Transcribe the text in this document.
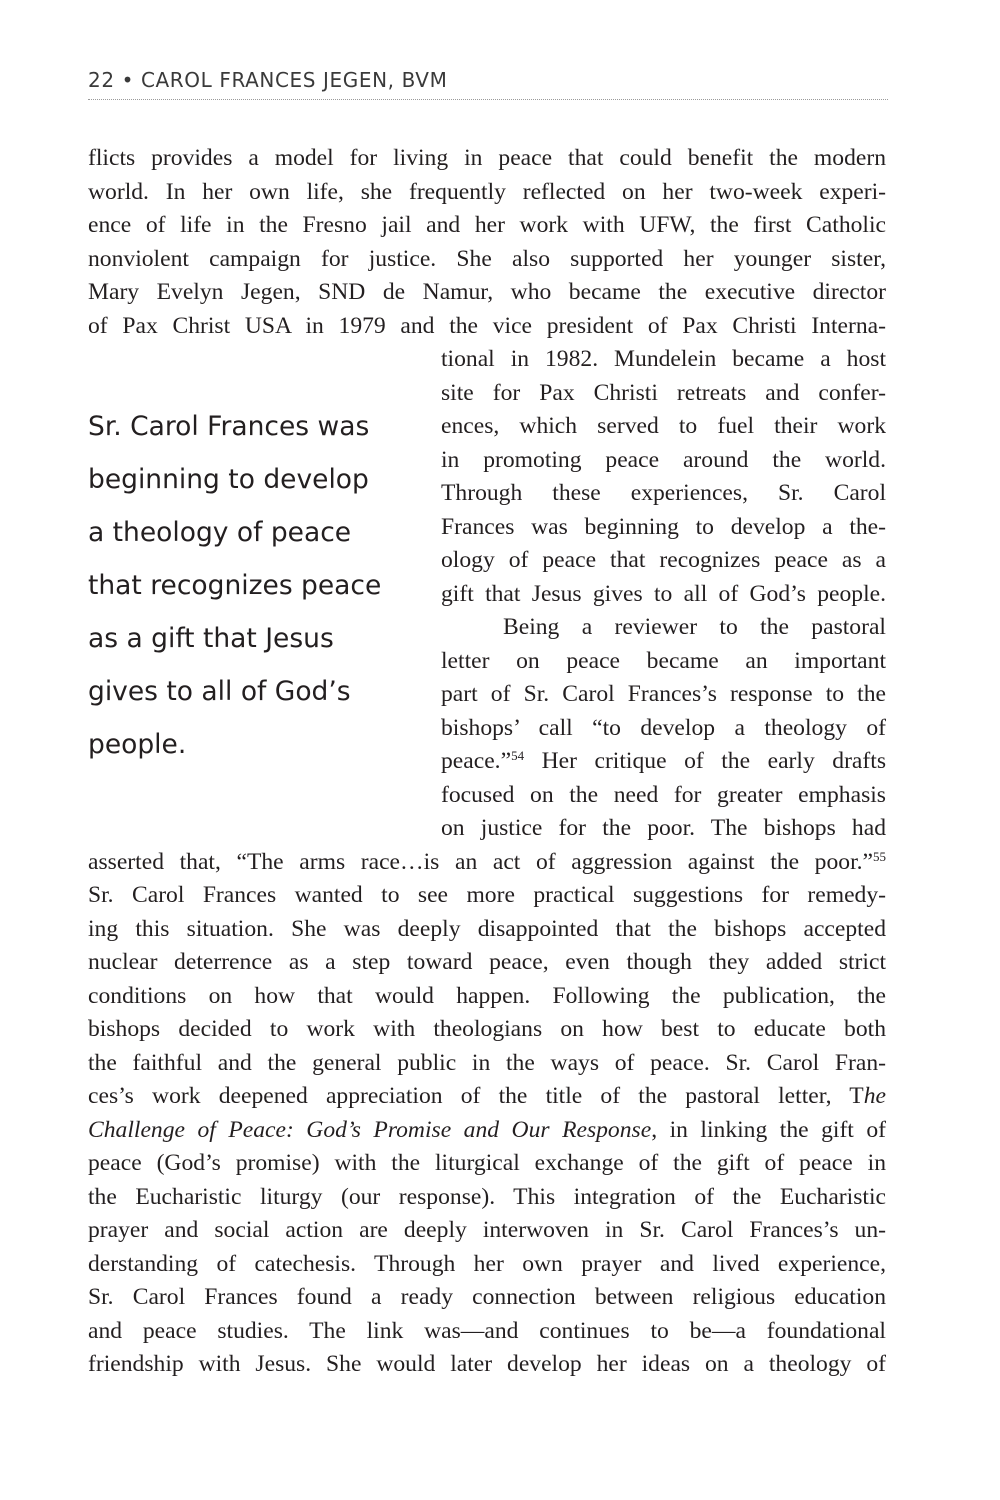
22 • CAROL FRANCES JEGEN, BVM
Sr. Carol Frances was
beginning to develop
a theology of peace
that recognizes peace
as a gift that Jesus
gives to all of God’s
people.
flicts provides a model for living in peace that could benefit the modern
world. In her own life, she frequently reflected on her two-week experi-
ence of life in the Fresno jail and her work with UFW, the first Catholic
nonviolent campaign for justice. She also supported her younger sister,
Mary Evelyn Jegen, SND de Namur, who became the executive director
of Pax Christ USA in 1979 and the vice president of Pax Christi Interna-
tional in 1982. Mundelein became a host
site for Pax Christi retreats and confer-
ences, which served to fuel their work
in promoting peace around the world.
Through these experiences, Sr. Carol
Frances was beginning to develop a the-
ology of peace that recognizes peace as a
gift that Jesus gives to all of God’s people.
Being a reviewer to the pastoral
letter on peace became an important
part of Sr. Carol Frances’s response to the
bishops’ call “to develop a theology of
peace.”$^{54}$ Her critique of the early drafts
focused on the need for greater emphasis
on justice for the poor. The bishops had
asserted that, “The arms race…is an act of aggression against the poor.”$^{55}$
Sr. Carol Frances wanted to see more practical suggestions for remedy-
ing this situation. She was deeply disappointed that the bishops accepted
nuclear deterrence as a step toward peace, even though they added strict
conditions on how that would happen. Following the publication, the
bishops decided to work with theologians on how best to educate both
the faithful and the general public in the ways of peace. Sr. Carol Fran-
ces’s work deepened appreciation of the title of the pastoral letter, The
Challenge of Peace: God’s Promise and Our Response, in linking the gift of
peace (God’s promise) with the liturgical exchange of the gift of peace in
the Eucharistic liturgy (our response). This integration of the Eucharistic
prayer and social action are deeply interwoven in Sr. Carol Frances’s un-
derstanding of catechesis. Through her own prayer and lived experience,
Sr. Carol Frances found a ready connection between religious education
and peace studies. The link was—and continues to be—a foundational
friendship with Jesus. She would later develop her ideas on a theology of
